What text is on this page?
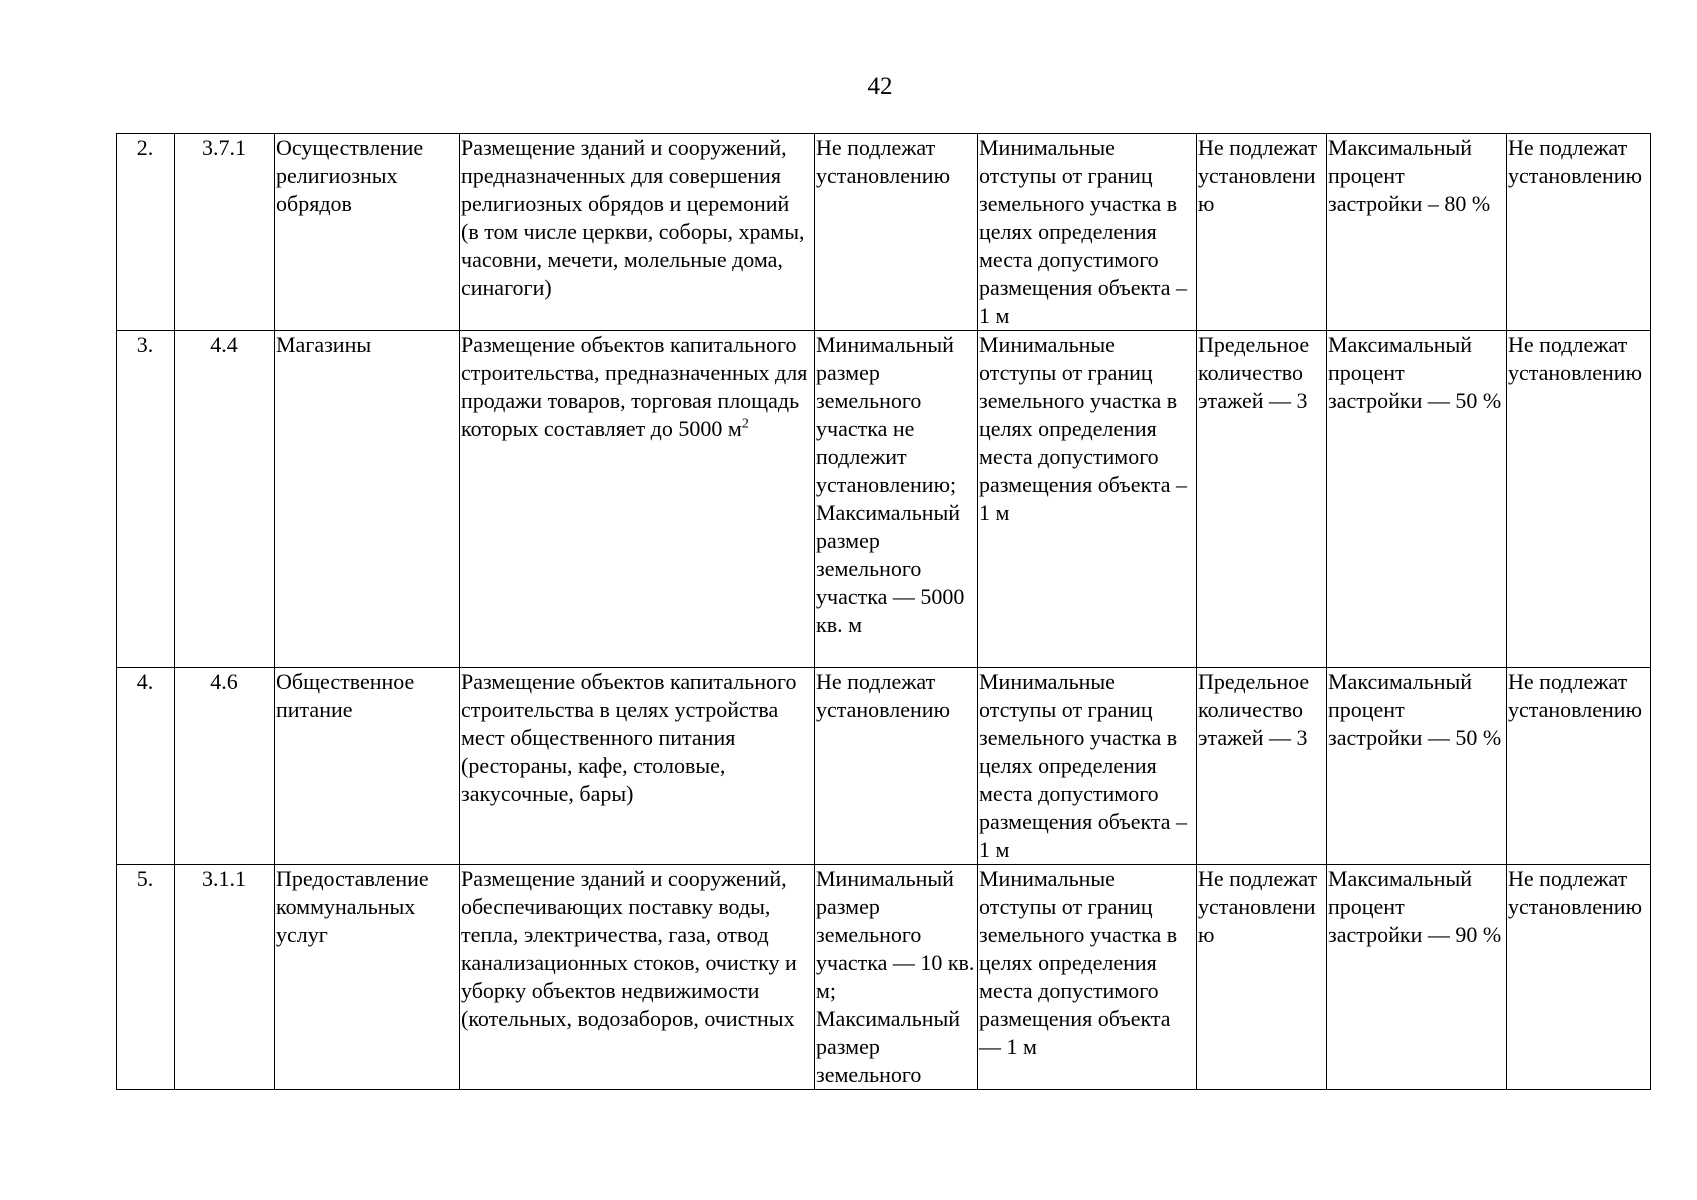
42
2.	3.7.1	Осуществление религиозных обрядов	Размещение зданий и сооружений, предназначенных для совершения религиозных обрядов и церемоний (в том числе церкви, соборы, храмы, часовни, мечети, молельные дома, синагоги)	Не подлежат установлению	Минимальные отступы от границ земельного участка в целях определения места допустимого размещения объекта – 1 м	Не подлежат установлению	Максимальный процент застройки – 80 %	Не подлежат установлению
3.	4.4	Магазины	Размещение объектов капитального строительства, предназначенных для продажи товаров, торговая площадь которых составляет до 5000 $м^2$	Минимальный размер земельного участка не подлежит установлению; Максимальный размер земельного участка — 5000 кв. м	Минимальные отступы от границ земельного участка в целях определения места допустимого размещения объекта – 1 м	Предельное количество этажей — 3	Максимальный процент застройки — 50 %	Не подлежат установлению
4.	4.6	Общественное питание	Размещение объектов капитального строительства в целях устройства мест общественного питания (рестораны, кафе, столовые, закусочные, бары)	Не подлежат установлению	Минимальные отступы от границ земельного участка в целях определения места допустимого размещения объекта – 1 м	Предельное количество этажей — 3	Максимальный процент застройки — 50 %	Не подлежат установлению
5.	3.1.1	Предоставление коммунальных услуг	Размещение зданий и сооружений, обеспечивающих поставку воды, тепла, электричества, газа, отвод канализационных стоков, очистку и уборку объектов недвижимости (котельных, водозаборов, очистных	Минимальный размер земельного участка — 10 кв. м; Максимальный размер земельного	Минимальные отступы от границ земельного участка в целях определения места допустимого размещения объекта — 1 м	Не подлежат установлению	Максимальный процент застройки — 90 %	Не подлежат установлению
